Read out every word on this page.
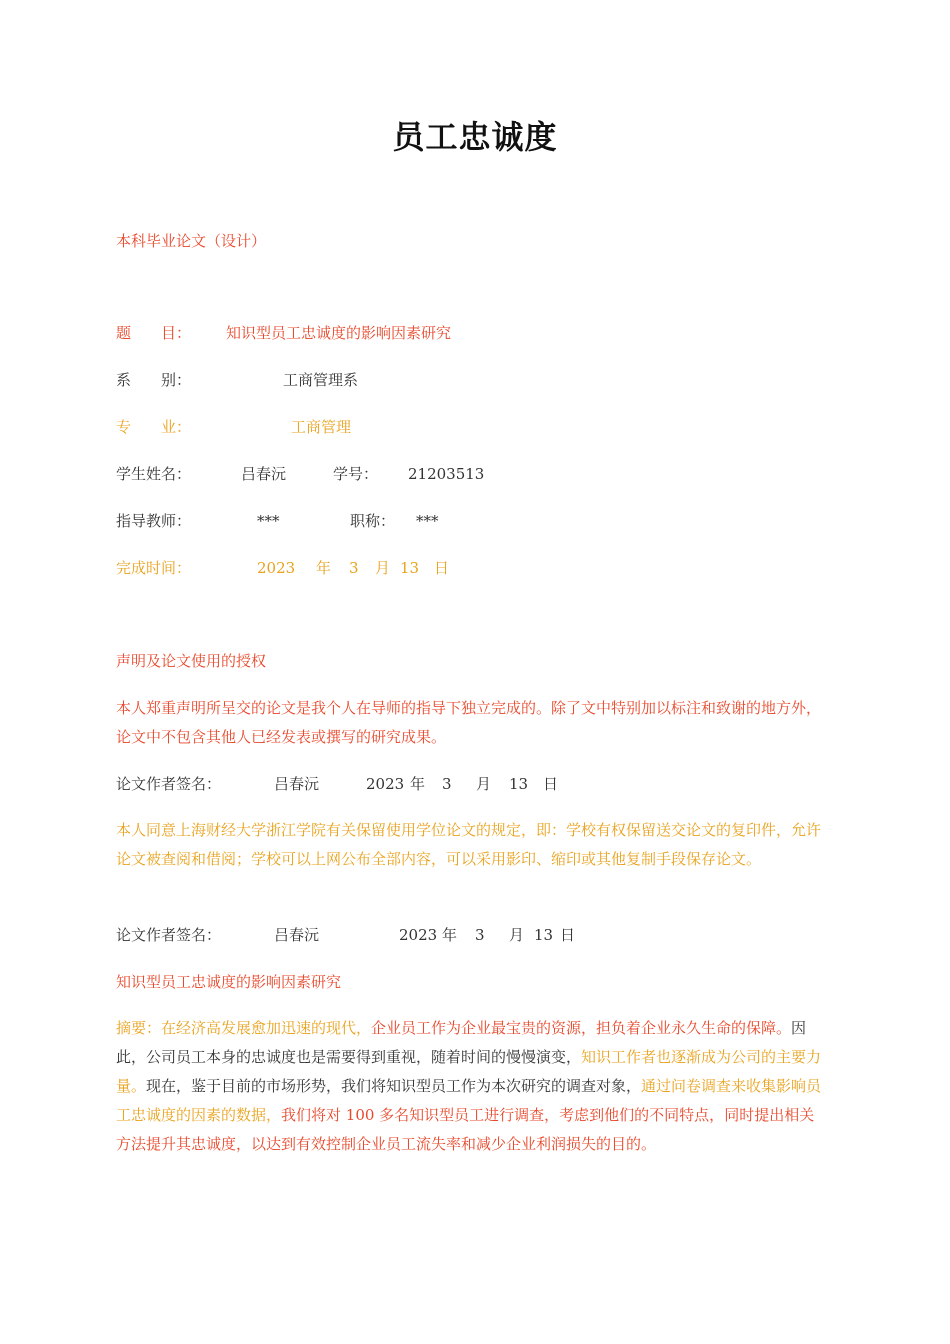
员工忠诚度
本科毕业论文（设计）
题　　目： 知识型员工忠诚度的影响因素研究
系　　别：	工商管理系
专　　业：	工商管理
学生姓名：	吕春沅	学号： 21203513
指导教师：	***	职称： ***
完成时间：	2023 年 3 月 13 日
声明及论文使用的授权
本人郑重声明所呈交的论文是我个人在导师的指导下独立完成的。除了文中特别加以标注和致谢的地方外，论文中不包含其他人已经发表或撰写的研究成果。
论文作者签名：	吕春沅	2023 年 3 月 13 日
本人同意上海财经大学浙江学院有关保留使用学位论文的规定，即：学校有权保留送交论文的复印件，允许论文被查阅和借阅；学校可以上网公布全部内容，可以采用影印、缩印或其他复制手段保存论文。
论文作者签名：	吕春沅	2023 年 3 月 13 日
知识型员工忠诚度的影响因素研究
摘要：在经济高发展愈加迅速的现代，企业员工作为企业最宝贵的资源，担负着企业永久生命的保障。因此，公司员工本身的忠诚度也是需要得到重视，随着时间的慢慢演变，知识工作者也逐渐成为公司的主要力量。现在，鉴于目前的市场形势，我们将知识型员工作为本次研究的调查对象，通过问卷调查来收集影响员工忠诚度的因素的数据，我们将对 100 多名知识型员工进行调查，考虑到他们的不同特点，同时提出相关方法提升其忠诚度，以达到有效控制企业员工流失率和减少企业利润损失的目的。
